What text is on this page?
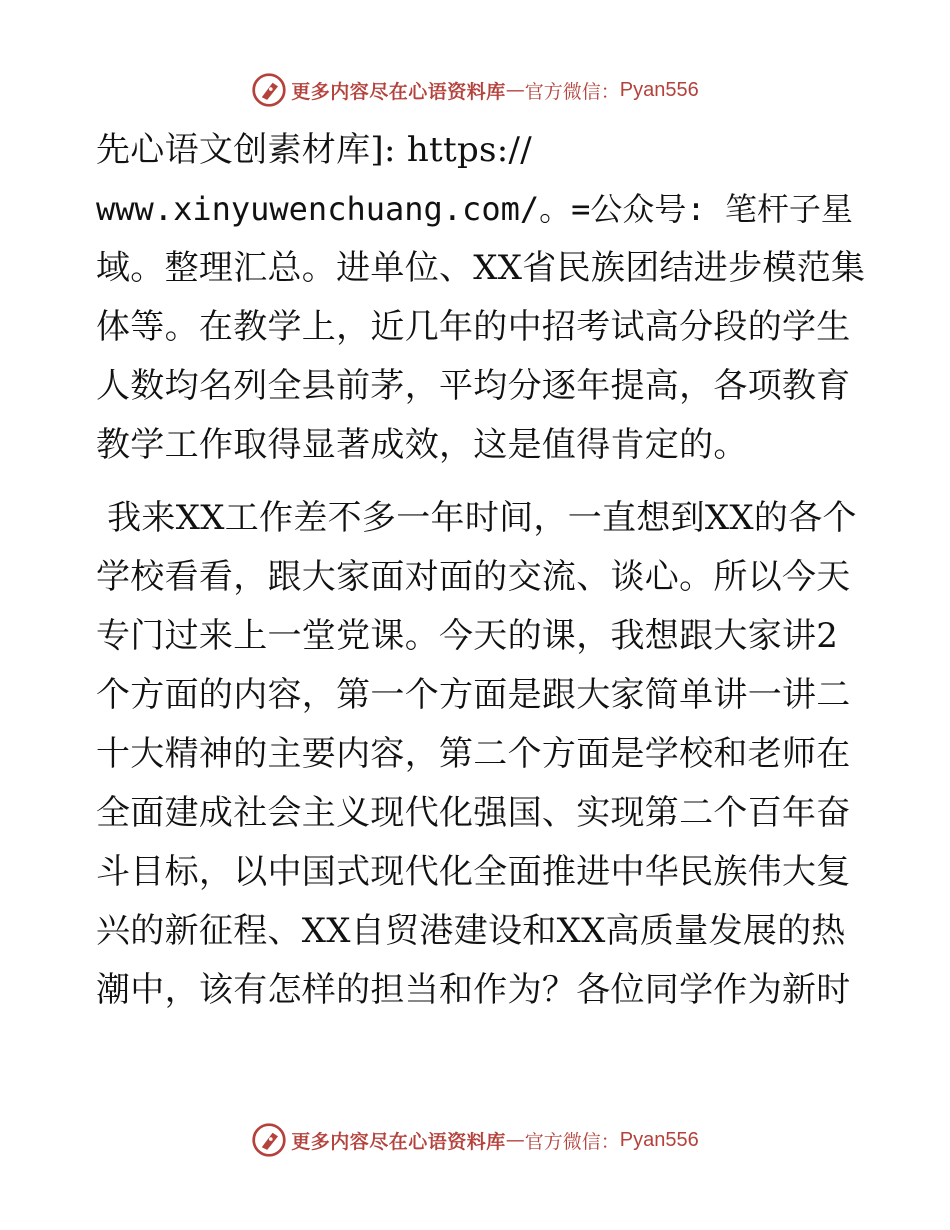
更多内容尽在心语资料库 — 官方微信： Pyan556
先心语文创素材库]: https://
www.xinyuwenchuang.com/。=公众号: 笔杆子星
域。整理汇总。进单位、XX省民族团结进步模范集
体等。在教学上，近几年的中招考试高分段的学生
人数均名列全县前茅，平均分逐年提高，各项教育
教学工作取得显著成效，这是值得肯定的。
我来XX工作差不多一年时间，一直想到XX的各个
学校看看，跟大家面对面的交流、谈心。所以今天
专门过来上一堂党课。今天的课，我想跟大家讲2
个方面的内容，第一个方面是跟大家简单讲一讲二
十大精神的主要内容，第二个方面是学校和老师在
全面建成社会主义现代化强国、实现第二个百年奋
斗目标，以中国式现代化全面推进中华民族伟大复
兴的新征程、XX自贸港建设和XX高质量发展的热
潮中，该有怎样的担当和作为？各位同学作为新时
更多内容尽在心语资料库 — 官方微信： Pyan556
